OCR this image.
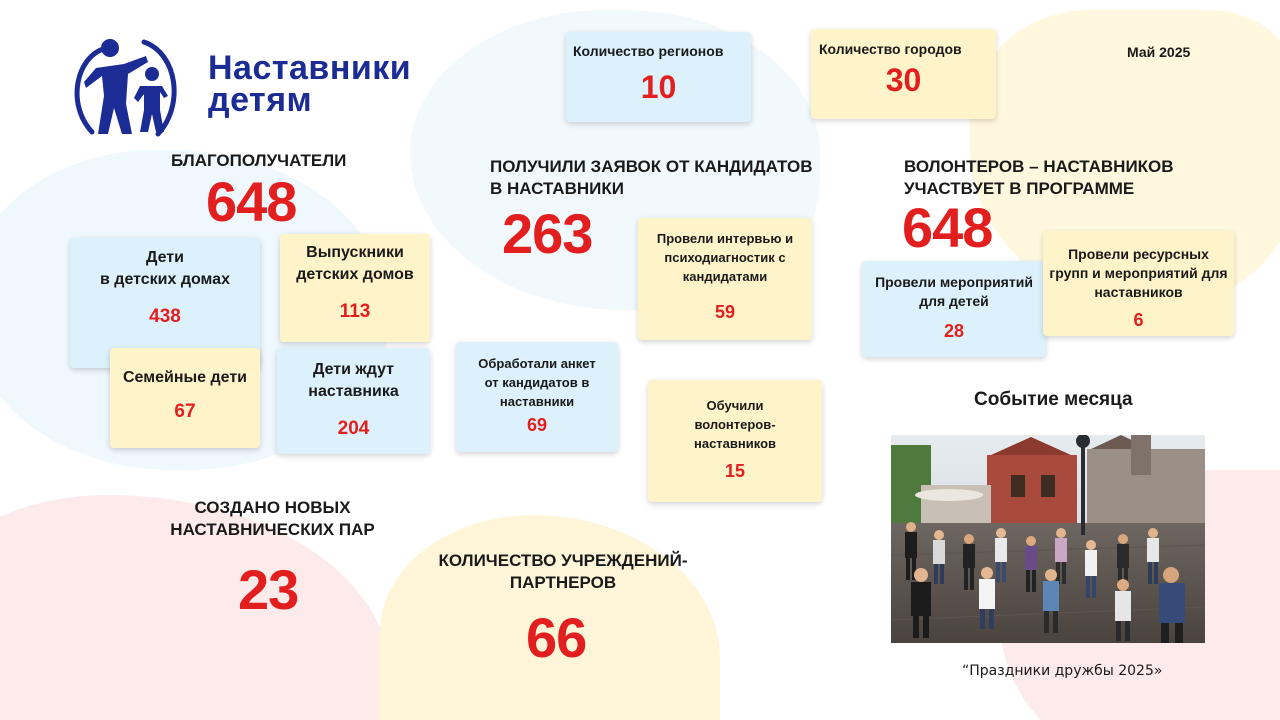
Наставники
детям
Количество регионов
10
Количество городов
30
Май 2025
БЛАГОПОЛУЧАТЕЛИ
648
Дети
в детских домах
438
Выпускники
детских домов
113
Семейные дети
67
Дети ждут
наставника
204
ПОЛУЧИЛИ ЗАЯВОК ОТ КАНДИДАТОВ
В НАСТАВНИКИ
263	Провели интервью и
психодиагностик с
кандидатами
59
Обработали анкет
от кандидатов в
наставники
69
Обучили
волонтеров-
наставников
15
ВОЛОНТЕРОВ – НАСТАВНИКОВ
УЧАСТВУЕТ В ПРОГРАММЕ
648
Провели мероприятий
для детей
28
Провели ресурсных
групп и мероприятий для
наставников
6
СОЗДАНО НОВЫХ
НАСТАВНИЧЕСКИХ ПАР
23	КОЛИЧЕСТВО УЧРЕЖДЕНИЙ-
ПАРТНЕРОВ
66
Событие месяца
“Праздники дружбы 2025»
